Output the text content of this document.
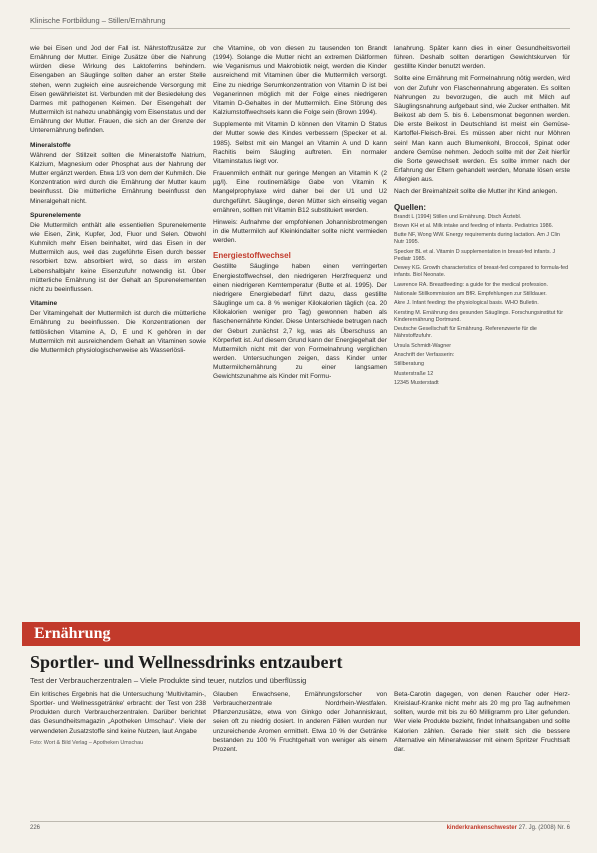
Klinische Fortbildung – Stillen/Ernährung

wie bei Eisen und Jod der Fall ist. Nährstoffzusätze zur Ernährung der Mutter. Einige Zusätze über die Nahrung würden diese Wirkung des Laktoferrins behindern. Eisengaben an Säuglinge sollten daher an erster Stelle stehen, wenn zugleich eine ausreichende Versorgung mit Eisen gewährleistet ist. Verbunden mit der Besiedelung des Darmes mit pathogenen Keimen. Der Eisengehalt der Muttermilch ist nahezu unabhängig vom Eisenstatus und der Ernährung der Mutter. Frauen, die sich an der Grenze der Unterernährung befinden.

Mineralstoffe

Während der Stillzeit sollten die Mineralstoffe Natrium, Kalzium, Magnesium oder Phosphat aus der Nahrung der Mutter ergänzt werden. Etwa 1/3 von dem der Kuhmilch. Die Konzentration wird durch die Ernährung der Mutter kaum beeinflusst. Die mütterliche Ernährung beeinflusst den Mineralgehalt nicht.

Spurenelemente

Die Muttermilch enthält alle essentiellen Spurenelemente wie Eisen, Zink, Kupfer, Jod, Fluor und Selen. Obwohl Kuhmilch mehr Eisen beinhaltet, wird das Eisen in der Muttermilch aus, weil das zugeführte Eisen durch besser resorbiert bzw. absorbiert wird, so dass im ersten Lebenshalbjahr keine Eisenzufuhr notwendig ist. Über mütterliche Ernährung ist der Gehalt an Spurenelementen nicht zu beeinflussen.

Vitamine

Der Vitamingehalt der Muttermilch ist durch die mütterliche Ernährung zu beeinflussen. Die Konzentrationen der fettlöslichen Vitamine A, D, E und K gehören in der Muttermilch mit ausreichendem Gehalt an Vitaminen sowie die Muttermilch physiologischerweise als Wasserlösli-

che Vitamine, ob von diesen zu tausenden ton Brandt (1994). Solange die Mutter nicht an extremen Diätformen wie Veganismus und Makrobiotik neigt, werden die Kinder ausreichend mit Vitaminen über die Muttermilch versorgt. Eine zu niedrige Serumkonzentration von Vitamin D ist bei Veganerinnen möglich mit der Folge eines niedrigeren Vitamin D-Gehaltes in der Muttermilch. Eine Störung des Kalziumstoffwechsels kann die Folge sein (Brown 1994).

Supplemente mit Vitamin D können den Vitamin D Status der Mutter sowie des Kindes verbessern (Specker et al. 1985). Selbst mit ein Mangel an Vitamin A und D kann Rachitis beim Säugling auftreten. Ein normaler Vitaminstatus liegt vor.

Frauenmilch enthält nur geringe Mengen an Vitamin K (2 µg/l). Eine routinemäßige Gabe von Vitamin K Mangelprophylaxe wird daher bei der U1 und U2 durchgeführt. Säuglinge, deren Mütter sich einseitig vegan ernähren, sollten mit Vitamin B12 substituiert werden.

Hinweis: Aufnahme der empfohlenen Johannisbrotmengen in die Muttermilch auf Kleinkindalter sollte nicht vermieden werden.

Energiestoffwechsel

Gestillte Säuglinge haben einen verringerten Energiestoffwechsel, den niedrigeren Herzfrequenz und einen niedrigeren Kerntemperatur (Butte et al. 1995). Der niedrigere Energiebedarf führt dazu, dass gestillte Säuglinge um ca. 8 % weniger Kilokalorien täglich (ca. 20 Kilokalorien weniger pro Tag) gewonnen haben als flaschenernährte Kinder. Diese Unterschiede betrugen nach der Geburt zunächst 2,7 kg, was als Überschuss an Körperfett ist. Auf diesem Grund kann der Energiegehalt der Muttermilch nicht mit der von Formelnahrung verglichen werden. Untersuchungen zeigen, dass Kinder unter Muttermilchernährung zu einer langsamen Gewichtszunahme als Kinder mit Formu-

lanahrung. Später kann dies in einer Gesundheitsvorteil führen. Deshalb sollten derartigen Gewichtskurven für gestillte Kinder benutzt werden.

Sollte eine Ernährung mit Formelnahrung nötig werden, wird von der Zufuhr von Flaschennahrung abgeraten. Es sollten Nahrungen zu bevorzugen, die auch mit Milch auf Säuglingsnahrung aufgebaut sind, wie Zucker enthalten. Mit Beikost ab dem 5. bis 6. Lebensmonat begonnen werden. Die erste Beikost in Deutschland ist meist ein Gemüse-Kartoffel-Fleisch-Brei. Es müssen aber nicht nur Möhren sein! Man kann auch Blumenkohl, Broccoli, Spinat oder andere Gemüse nehmen. Jedoch sollte mit der Zeit hierfür die Sorte gewechselt werden. Es sollte immer nach der Erfahrung der Eltern gehandelt werden, Monate lösen erste Allergien aus.

Nach der Breimahlzeit sollte die Mutter ihr Kind anlegen.

Quellen:

Brandt L (1994) Stillen und Ernährung. Dtsch Ärztebl.

Brown KH et al. Milk intake and feeding of infants. Pediatrics 1986.

Butte NF, Wong WW. Energy requirements during lactation. Am J Clin Nutr 1995.

Specker BL et al. Vitamin D supplementation in breast-fed infants. J Pediatr 1985.

Dewey KG. Growth characteristics of breast-fed compared to formula-fed infants. Biol Neonate.

Lawrence RA. Breastfeeding: a guide for the medical profession.

Nationale Stillkommission am BfR. Empfehlungen zur Stilldauer.

Akre J. Infant feeding: the physiological basis. WHO Bulletin.

Kersting M. Ernährung des gesunden Säuglings. Forschungsinstitut für Kinderernährung Dortmund.

Deutsche Gesellschaft für Ernährung. Referenzwerte für die Nährstoffzufuhr.

Ursula Schmidt-Wagner

Anschrift der Verfasserin:

Stillberatung

Musterstraße 12

12345 Musterstadt

Ernährung
Sportler- und Wellnessdrinks entzaubert
Test der Verbraucherzentralen – Viele Produkte sind teuer, nutzlos und überflüssig

Ein kritisches Ergebnis hat die Untersuchung 'Multivitamin-, Sportler- und Wellnessgetränke' erbracht: der Test von 238 Produkten durch Verbraucherzentralen. Darüber berichtet das Gesundheitsmagazin „Apotheken Umschau“. Viele der verwendeten Zusatzstoffe sind keine Nutzen, laut Angabe

Foto: Wort & Bild Verlag – Apotheken Umschau

Glauben Erwachsene, Ernährungsforscher von Verbraucherzentrale Nordrhein-Westfalen. Pflanzenzusätze, etwa von Ginkgo oder Johanniskraut, seien oft zu niedrig dosiert. In anderen Fällen wurden nur unzureichende Aromen ermittelt. Etwa 10 % der Getränke bestanden zu 100 % Fruchtgehalt von weniger als einem Prozent.

Beta-Carotin dagegen, von denen Raucher oder Herz-Kreislauf-Kranke nicht mehr als 20 mg pro Tag aufnehmen sollten, wurde mit bis zu 60 Milligramm pro Liter gefunden. Wer viele Produkte bezieht, findet Inhaltsangaben und sollte Kalorien zählen. Gerade hier stellt sich die bessere Alternative ein Mineralwasser mit einem Spritzer Fruchtsaft dar.

226	kinderkrankenschwester 27. Jg. (2008) Nr. 6
